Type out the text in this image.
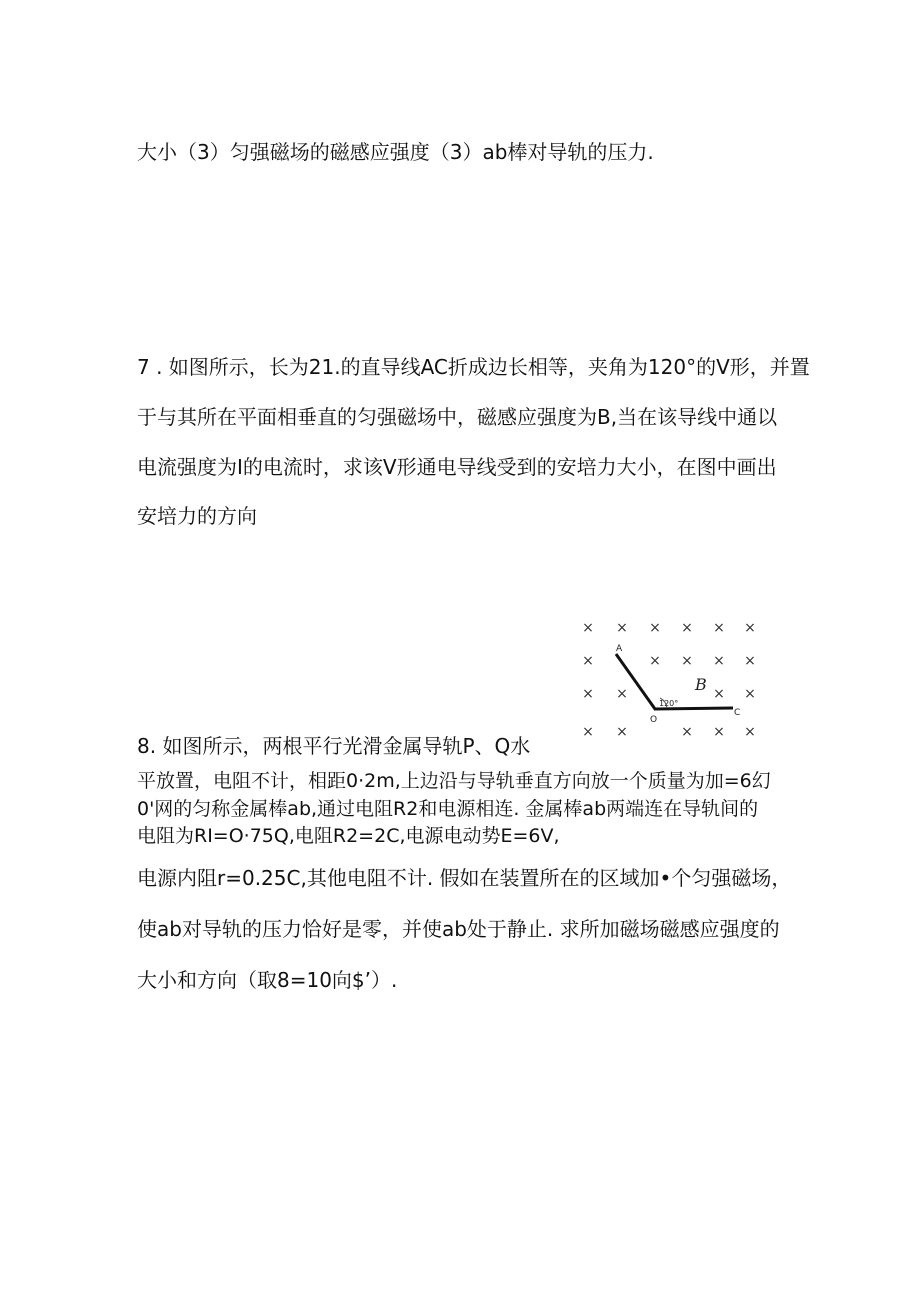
大小（3）匀强磁场的磁感应强度（3）ab棒对导轨的压力.
7 . 如图所示，长为21.的直导线AC折成边长相等，夹角为120°的V形，并置
于与其所在平面相垂直的匀强磁场中，磁感应强度为B,当在该导线中通以
电流强度为I的电流时，求该V形通电导线受到的安培力大小，在图中画出
安培力的方向
× × × × × ×
×	× × × ×
× ×	× ×
× ×	× × ×
A
O
C
120°
B
8. 如图所示，两根平行光滑金属导轨P、Q水
平放置，电阻不计，相距0·2m,上边沿与导轨垂直方向放一个质量为加=6幻
0'网的匀称金属棒ab,通过电阻R2和电源相连. 金属棒ab两端连在导轨间的
电阻为RI=O·75Q,电阻R2=2C,电源电动势E=6V,
电源内阻r=0.25C,其他电阻不计. 假如在装置所在的区域加•个匀强磁场，
使ab对导轨的压力恰好是零，并使ab处于静止. 求所加磁场磁感应强度的
大小和方向（取8=10向$’）.
